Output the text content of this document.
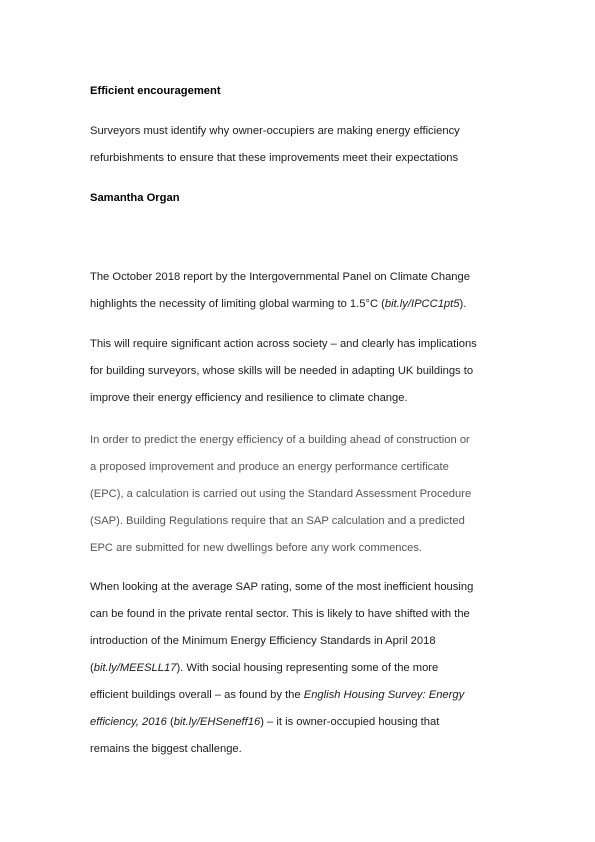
Efficient encouragement
Surveyors must identify why owner-occupiers are making energy efficiency
refurbishments to ensure that these improvements meet their expectations
Samantha Organ
The October 2018 report by the Intergovernmental Panel on Climate Change
highlights the necessity of limiting global warming to 1.5°C (bit.ly/IPCC1pt5).
This will require significant action across society – and clearly has implications
for building surveyors, whose skills will be needed in adapting UK buildings to
improve their energy efficiency and resilience to climate change.
In order to predict the energy efficiency of a building ahead of construction or
a proposed improvement and produce an energy performance certificate
(EPC), a calculation is carried out using the Standard Assessment Procedure
(SAP). Building Regulations require that an SAP calculation and a predicted
EPC are submitted for new dwellings before any work commences.
When looking at the average SAP rating, some of the most inefficient housing
can be found in the private rental sector. This is likely to have shifted with the
introduction of the Minimum Energy Efficiency Standards in April 2018
(bit.ly/MEESLL17). With social housing representing some of the more
efficient buildings overall – as found by the English Housing Survey: Energy
efficiency, 2016 (bit.ly/EHSeneff16) – it is owner-occupied housing that
remains the biggest challenge.
